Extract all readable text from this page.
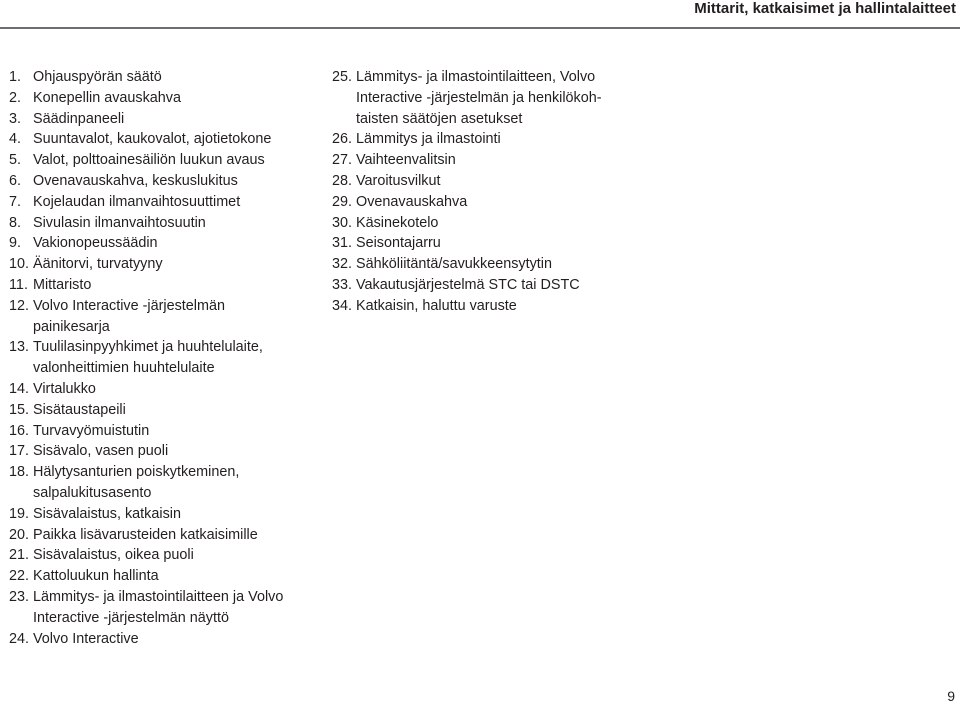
Mittarit, katkaisimet ja hallintalaitteet
1. Ohjauspyörän säätö
2. Konepellin avauskahva
3. Säädinpaneeli
4. Suuntavalot, kaukovalot, ajotietokone
5. Valot, polttoainesäiliön luukun avaus
6. Ovenavauskahva, keskuslukitus
7. Kojelaudan ilmanvaihtosuuttimet
8. Sivulasin ilmanvaihtosuutin
9. Vakionopeussäädin
10. Äänitorvi, turvatyyny
11. Mittaristo
12. Volvo Interactive -järjestelmän
painikesarja
13. Tuulilasinpyyhkimet ja huuhtelulaite,
valonheittimien huuhtelulaite
14. Virtalukko
15. Sisätaustapeili
16. Turvavyömuistutin
17. Sisävalo, vasen puoli
18. Hälytysanturien poiskytkeminen,
salpalukitusasento
19. Sisävalaistus, katkaisin
20. Paikka lisävarusteiden katkaisimille
21. Sisävalaistus, oikea puoli
22. Kattoluukun hallinta
23. Lämmitys- ja ilmastointilaitteen ja Volvo
Interactive -järjestelmän näyttö
24. Volvo Interactive
25. Lämmitys- ja ilmastointilaitteen, Volvo
Interactive -järjestelmän ja henkilökoh-
taisten säätöjen asetukset
26. Lämmitys ja ilmastointi
27. Vaihteenvalitsin
28. Varoitusvilkut
29. Ovenavauskahva
30. Käsinekotelo
31. Seisontajarru
32. Sähköliitäntä/savukkeensytytin
33. Vakautusjärjestelmä STC tai DSTC
34. Katkaisin, haluttu varuste
9
